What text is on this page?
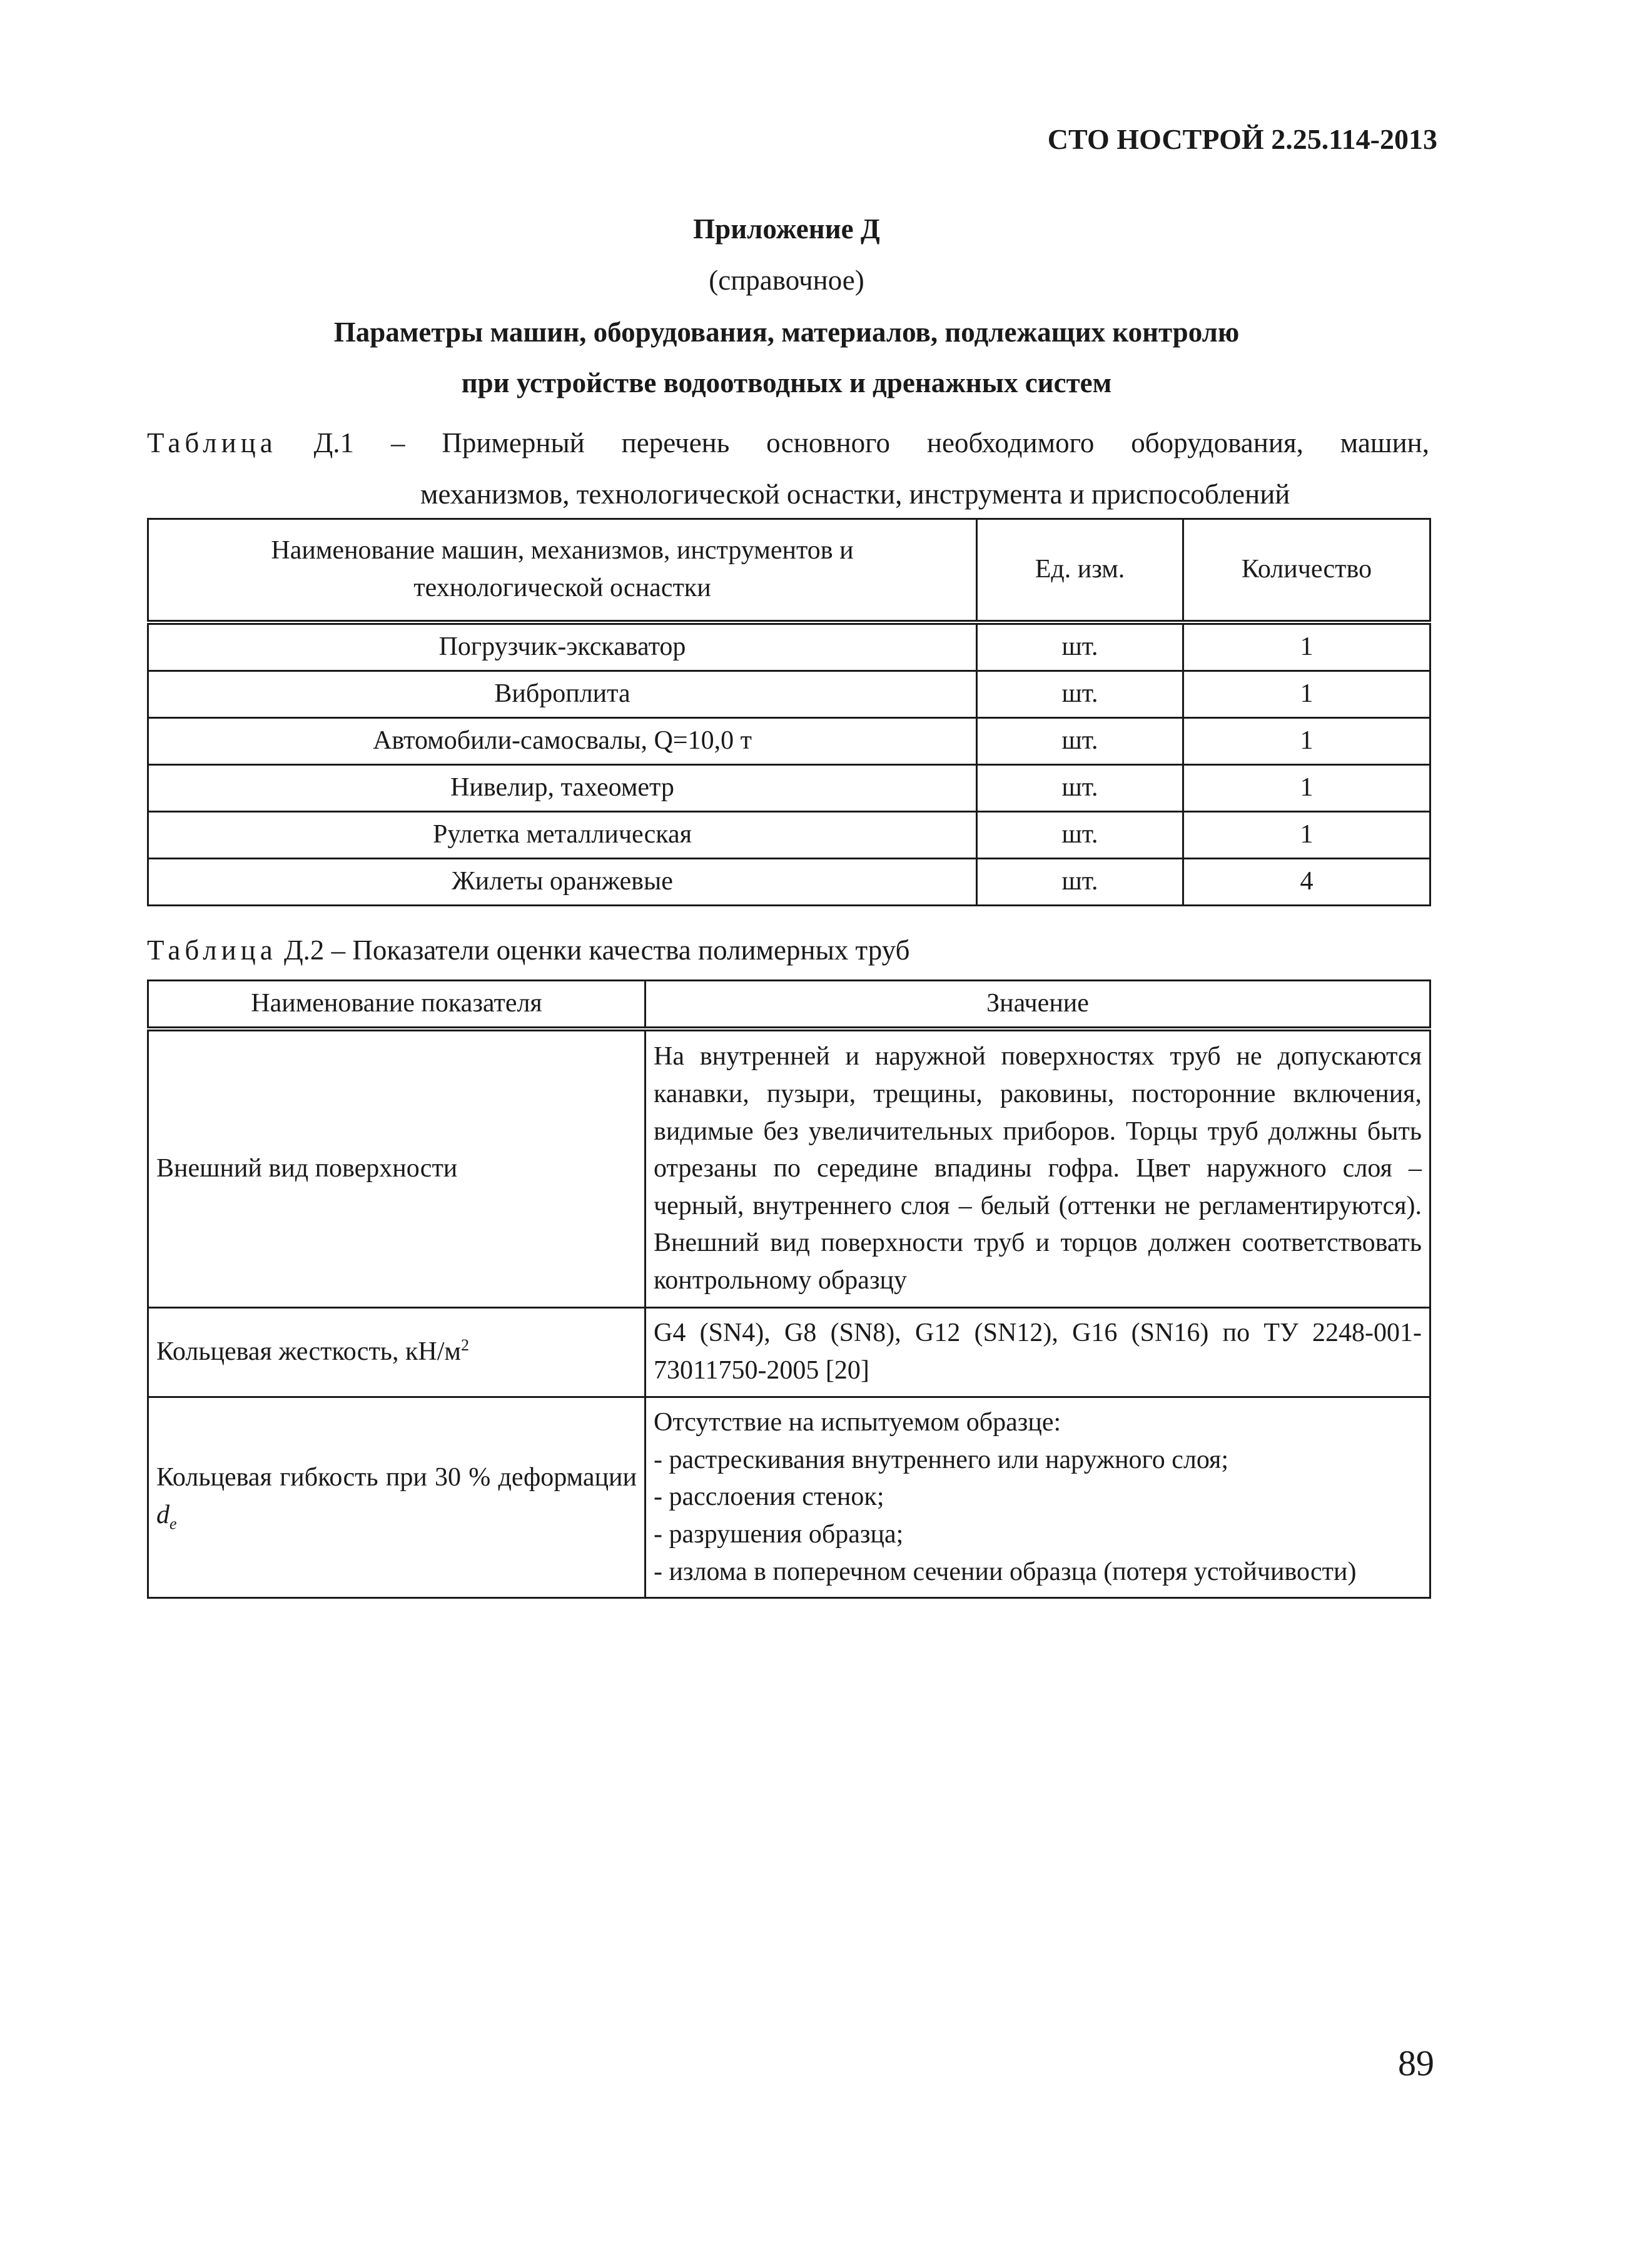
СТО НОСТРОЙ 2.25.114-2013
Приложение Д
(справочное)
Параметры машин, оборудования, материалов, подлежащих контролю
при устройстве водоотводных и дренажных систем
Таблица Д.1 – Примерный перечень основного необходимого оборудования, машин,
механизмов, технологической оснастки, инструмента и приспособлений
Наименование машин, механизмов, инструментов и
технологической оснастки	Ед. изм.	Количество
Погрузчик-экскаватор	шт.	1
Виброплита	шт.	1
Автомобили-самосвалы, Q=10,0 т	шт.	1
Нивелир, тахеометр	шт.	1
Рулетка металлическая	шт.	1
Жилеты оранжевые	шт.	4
Таблица Д.2 – Показатели оценки качества полимерных труб
Наименование показателя	Значение
Внешний вид поверхности	На внутренней и наружной поверхностях труб не допускаются канавки, пузыри, трещины, раковины, посторонние включения, видимые без увеличительных приборов. Торцы труб должны быть отрезаны по середине впадины гофра. Цвет наружного слоя – черный, внутреннего слоя – белый (оттенки не регламентируются). Внешний вид поверхности труб и торцов должен соответствовать контрольному образцу
Кольцевая жесткость, $кН/м^2$	G4 (SN4), G8 (SN8), G12 (SN12), G16 (SN16) по ТУ 2248-001-73011750-2005 [20]
Кольцевая гибкость при 30 % деформации $d_e$	Отсутствие на испытуемом образце:
- растрескивания внутреннего или наружного слоя;
- расслоения стенок;
- разрушения образца;
- излома в поперечном сечении образца (потеря устойчивости)
89
